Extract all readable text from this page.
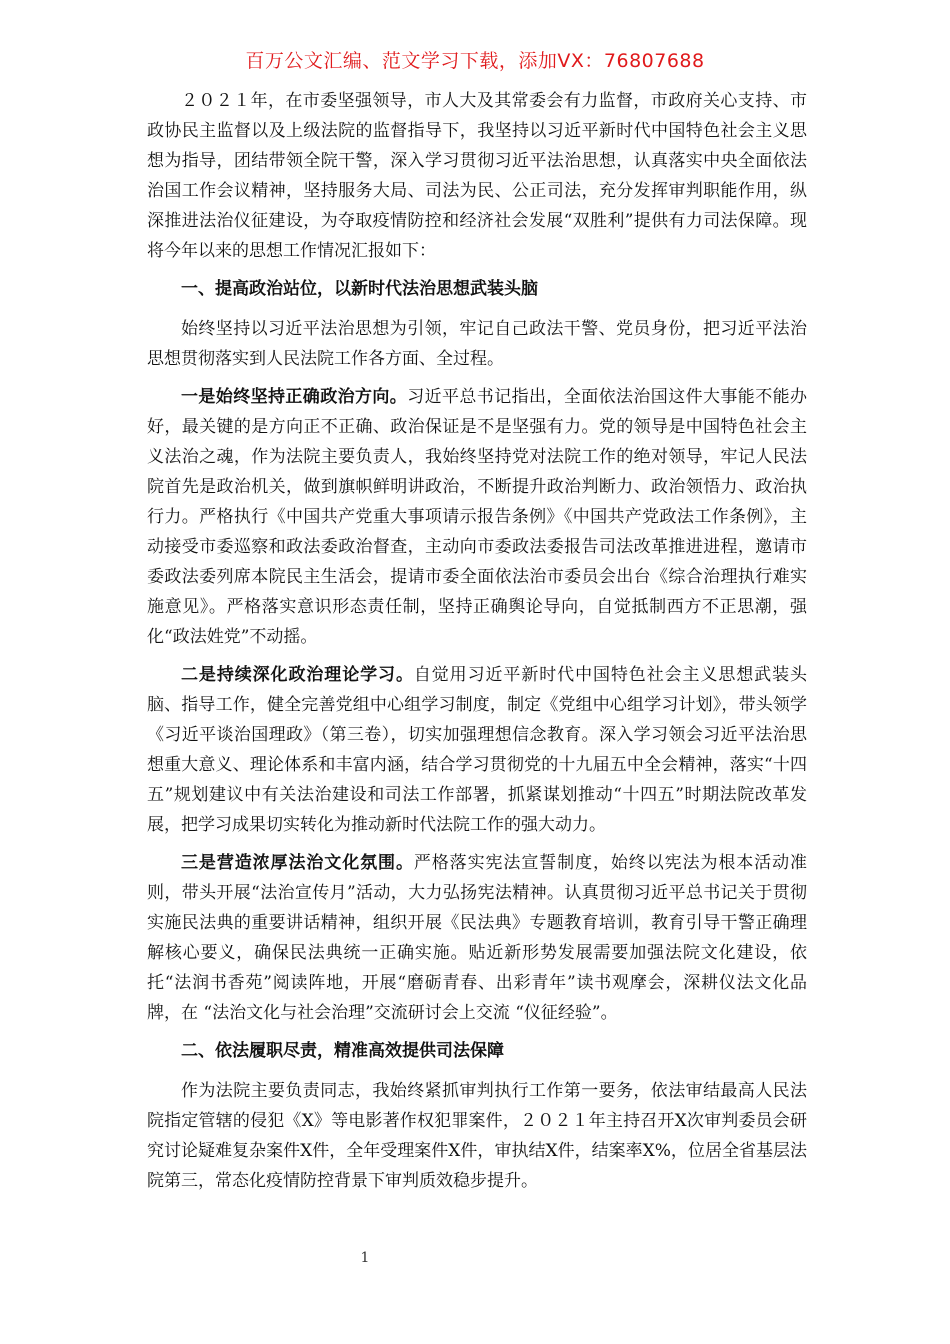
百万公文汇编、范文学习下载，添加VX：76807688

２０２１年，在市委坚强领导，市人大及其常委会有力监督，市政府关心支持、市政协民主监督以及上级法院的监督指导下，我坚持以习近平新时代中国特色社会主义思想为指导，团结带领全院干警，深入学习贯彻习近平法治思想，认真落实中央全面依法治国工作会议精神，坚持服务大局、司法为民、公正司法，充分发挥审判职能作用，纵深推进法治仪征建设，为夺取疫情防控和经济社会发展“双胜利”提供有力司法保障。现将今年以来的思想工作情况汇报如下：

一、提高政治站位，以新时代法治思想武装头脑

始终坚持以习近平法治思想为引领，牢记自己政法干警、党员身份，把习近平法治思想贯彻落实到人民法院工作各方面、全过程。

一是始终坚持正确政治方向。习近平总书记指出，全面依法治国这件大事能不能办好，最关键的是方向正不正确、政治保证是不是坚强有力。党的领导是中国特色社会主义法治之魂，作为法院主要负责人，我始终坚持党对法院工作的绝对领导，牢记人民法院首先是政治机关，做到旗帜鲜明讲政治，不断提升政治判断力、政治领悟力、政治执行力。严格执行《中国共产党重大事项请示报告条例》《中国共产党政法工作条例》，主动接受市委巡察和政法委政治督查，主动向市委政法委报告司法改革推进进程，邀请市委政法委列席本院民主生活会，提请市委全面依法治市委员会出台《综合治理执行难实施意见》。严格落实意识形态责任制，坚持正确舆论导向，自觉抵制西方不正思潮，强化“政法姓党”不动摇。

二是持续深化政治理论学习。自觉用习近平新时代中国特色社会主义思想武装头脑、指导工作，健全完善党组中心组学习制度，制定《党组中心组学习计划》，带头领学《习近平谈治国理政》（第三卷），切实加强理想信念教育。深入学习领会习近平法治思想重大意义、理论体系和丰富内涵，结合学习贯彻党的十九届五中全会精神，落实“十四五”规划建议中有关法治建设和司法工作部署，抓紧谋划推动“十四五”时期法院改革发展，把学习成果切实转化为推动新时代法院工作的强大动力。

三是营造浓厚法治文化氛围。严格落实宪法宣誓制度，始终以宪法为根本活动准则，带头开展“法治宣传月”活动，大力弘扬宪法精神。认真贯彻习近平总书记关于贯彻实施民法典的重要讲话精神，组织开展《民法典》专题教育培训，教育引导干警正确理解核心要义，确保民法典统一正确实施。贴近新形势发展需要加强法院文化建设，依托“法润书香苑”阅读阵地，开展“磨砺青春、出彩青年”读书观摩会，深耕仪法文化品牌，在 “法治文化与社会治理”交流研讨会上交流 “仪征经验”。

二、依法履职尽责，精准高效提供司法保障

作为法院主要负责同志，我始终紧抓审判执行工作第一要务，依法审结最高人民法院指定管辖的侵犯《X》等电影著作权犯罪案件，２０２１年主持召开X次审判委员会研究讨论疑难复杂案件X件，全年受理案件X件，审执结X件，结案率X%，位居全省基层法院第三，常态化疫情防控背景下审判质效稳步提升。

1
